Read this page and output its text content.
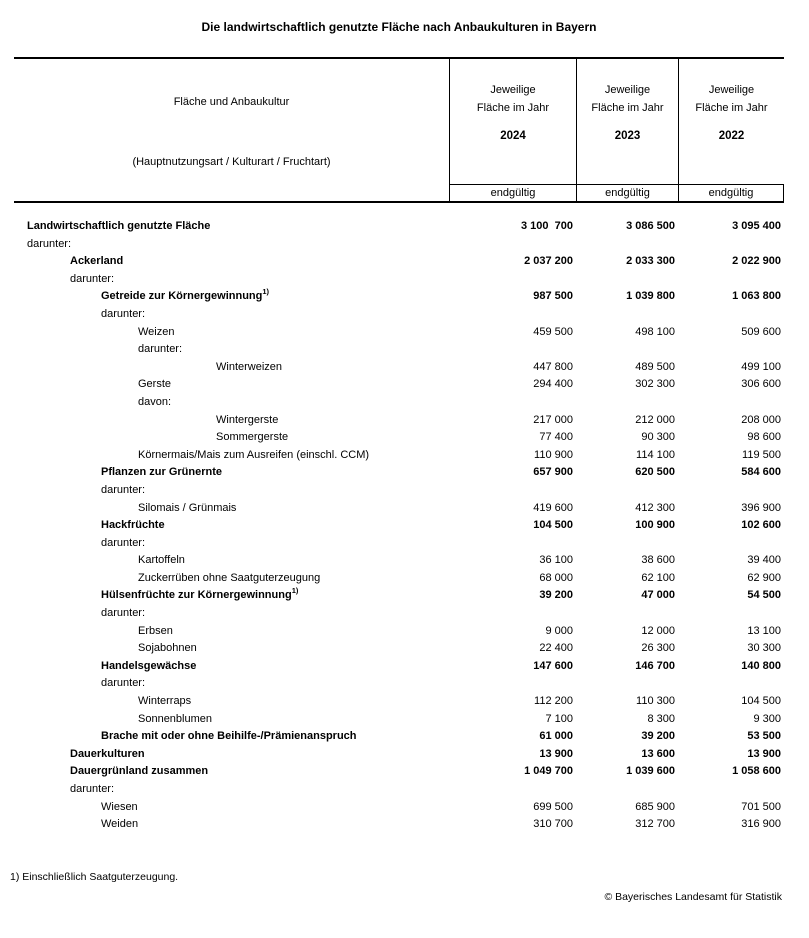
Die landwirtschaftlich genutzte Fläche nach Anbaukulturen in Bayern
Fläche und Anbaukultur
(Hauptnutzungsart / Kulturart / Fruchtart)
Jeweilige
Fläche im Jahr
2024
Jeweilige
Fläche im Jahr
2023
Jeweilige
Fläche im Jahr
2022
endgültig	endgültig	endgültig
Landwirtschaftlich genutzte Fläche	3 100  700	3 086 500	3 095 400
darunter:
Ackerland	2 037 200	2 033 300	2 022 900
darunter:
Getreide zur Körnergewinnung$^{1)}$	987 500	1 039 800	1 063 800
darunter:
Weizen	459 500	498 100	509 600
darunter:
Winterweizen	447 800	489 500	499 100
Gerste	294 400	302 300	306 600
davon:
Wintergerste	217 000	212 000	208 000
Sommergerste	77 400	90 300	98 600
Körnermais/Mais zum Ausreifen (einschl. CCM)	110 900	114 100	119 500
Pflanzen zur Grünernte	657 900	620 500	584 600
darunter:
Silomais / Grünmais	419 600	412 300	396 900
Hackfrüchte	104 500	100 900	102 600
darunter:
Kartoffeln	36 100	38 600	39 400
Zuckerrüben ohne Saatguterzeugung	68 000	62 100	62 900
Hülsenfrüchte zur Körnergewinnung$^{1)}$	39 200	47 000	54 500
darunter:
Erbsen	9 000	12 000	13 100
Sojabohnen	22 400	26 300	30 300
Handelsgewächse	147 600	146 700	140 800
darunter:
Winterraps	112 200	110 300	104 500
Sonnenblumen	7 100	8 300	9 300
Brache mit oder ohne Beihilfe-/Prämienanspruch	61 000	39 200	53 500
Dauerkulturen	13 900	13 600	13 900
Dauergrünland zusammen	1 049 700	1 039 600	1 058 600
darunter:
Wiesen	699 500	685 900	701 500
Weiden	310 700	312 700	316 900
1) Einschließlich Saatguterzeugung.
© Bayerisches Landesamt für Statistik
